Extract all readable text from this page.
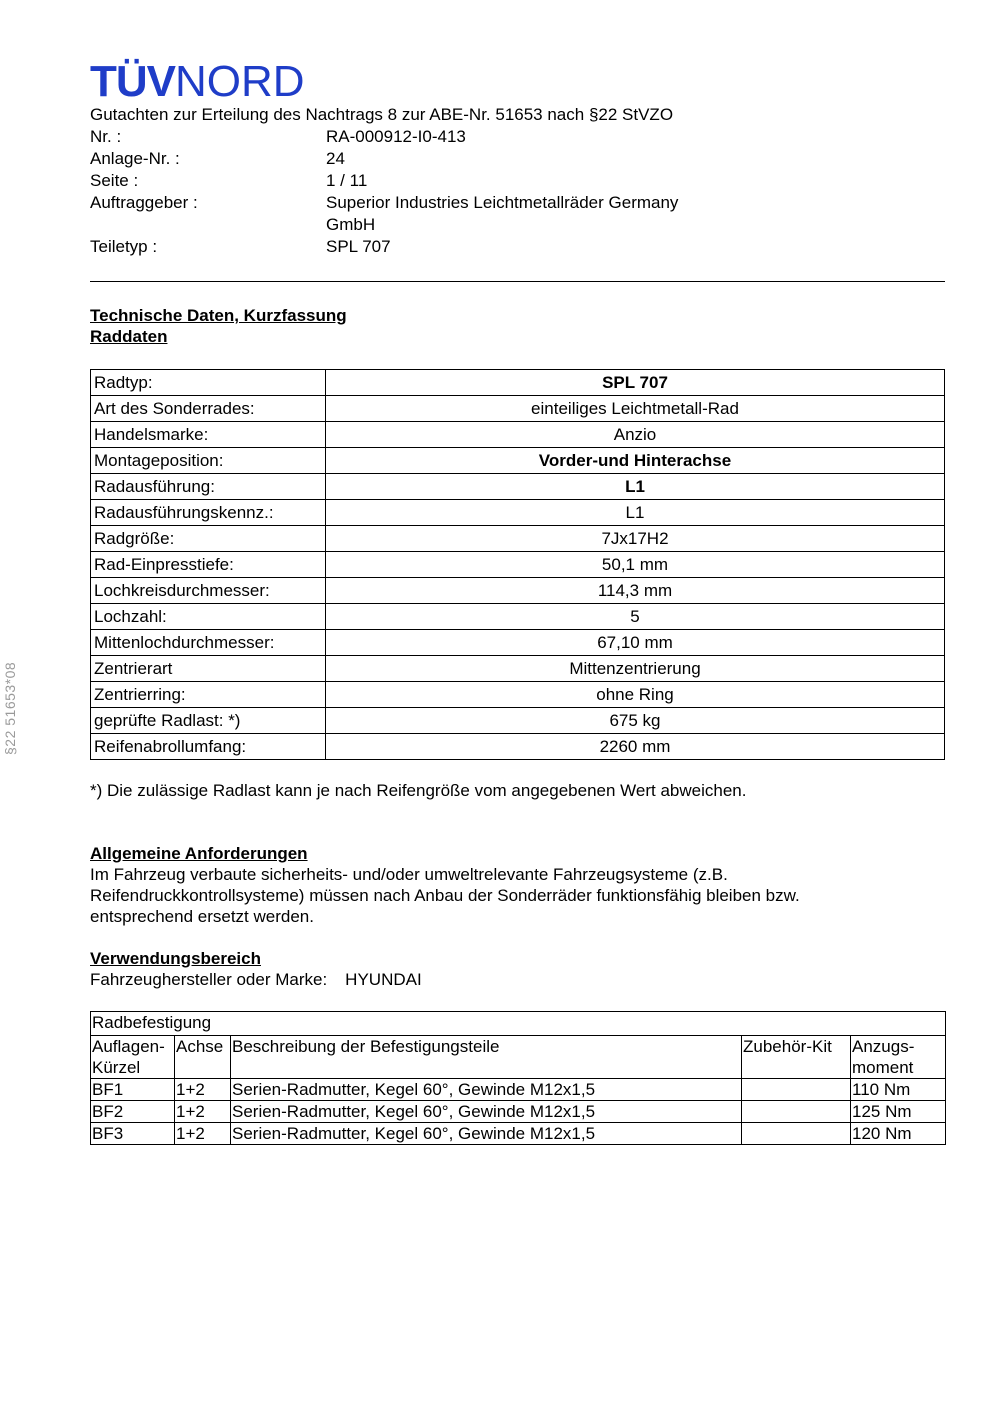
TÜVNORD
§22 51653*08
Gutachten zur Erteilung des Nachtrags 8 zur ABE-Nr. 51653 nach §22 StVZO
Nr. :	RA-000912-I0-413
Anlage-Nr. :	24
Seite :	1 / 11
Auftraggeber :	Superior Industries Leichtmetallräder Germany GmbH
Teiletyp :	SPL 707
Technische Daten, Kurzfassung
Raddaten
Radtyp:	SPL 707
Art des Sonderrades:	einteiliges Leichtmetall-Rad
Handelsmarke:	Anzio
Montageposition:	Vorder-und Hinterachse
Radausführung:	L1
Radausführungskennz.:	L1
Radgröße:	7Jx17H2
Rad-Einpresstiefe:	50,1 mm
Lochkreisdurchmesser:	114,3 mm
Lochzahl:	5
Mittenlochdurchmesser:	67,10 mm
Zentrierart	Mittenzentrierung
Zentrierring:	ohne Ring
geprüfte Radlast: *)	675 kg
Reifenabrollumfang:	2260 mm
*) Die zulässige Radlast kann je nach Reifengröße vom angegebenen Wert abweichen.
Allgemeine Anforderungen
Im Fahrzeug verbaute sicherheits- und/oder umweltrelevante Fahrzeugsysteme (z.B. Reifendruckkontrollsysteme) müssen nach Anbau der Sonderräder funktionsfähig bleiben bzw. entsprechend ersetzt werden.
Verwendungsbereich
Fahrzeughersteller oder Marke: HYUNDAI
Radbefestigung				
Auflagen-Kürzel	Achse	Beschreibung der Befestigungsteile	Zubehör-Kit	Anzugs-moment
BF1	1+2	Serien-Radmutter, Kegel 60°, Gewinde M12x1,5		110 Nm
BF2	1+2	Serien-Radmutter, Kegel 60°, Gewinde M12x1,5		125 Nm
BF3	1+2	Serien-Radmutter, Kegel 60°, Gewinde M12x1,5		120 Nm
